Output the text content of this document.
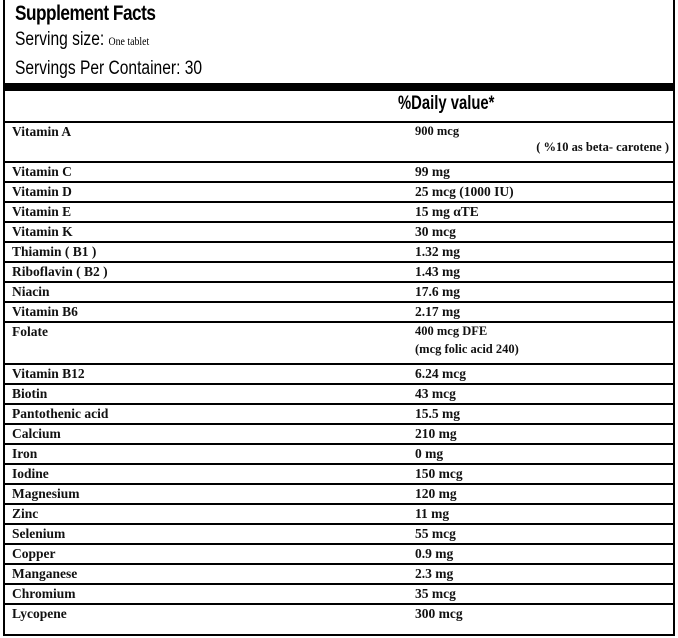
Supplement Facts
Serving size: One tablet
Servings Per Container: 30
%Daily value*
Vitamin A	900 mcg
( %10 as beta- carotene )
Vitamin C	99 mg
Vitamin D	25 mcg (1000 IU)
Vitamin E	15 mg αTE
Vitamin K	30 mcg
Thiamin ( B1 )	1.32 mg
Riboflavin ( B2 )	1.43 mg
Niacin	17.6 mg
Vitamin B6	2.17 mg
Folate	400 mcg DFE
(mcg folic acid 240)
Vitamin B12	6.24 mcg
Biotin	43 mcg
Pantothenic acid	15.5 mg
Calcium	210 mg
Iron	0 mg
Iodine	150 mcg
Magnesium	120 mg
Zinc	11 mg
Selenium	55 mcg
Copper	0.9 mg
Manganese	2.3 mg
Chromium	35 mcg
Lycopene	300 mcg
